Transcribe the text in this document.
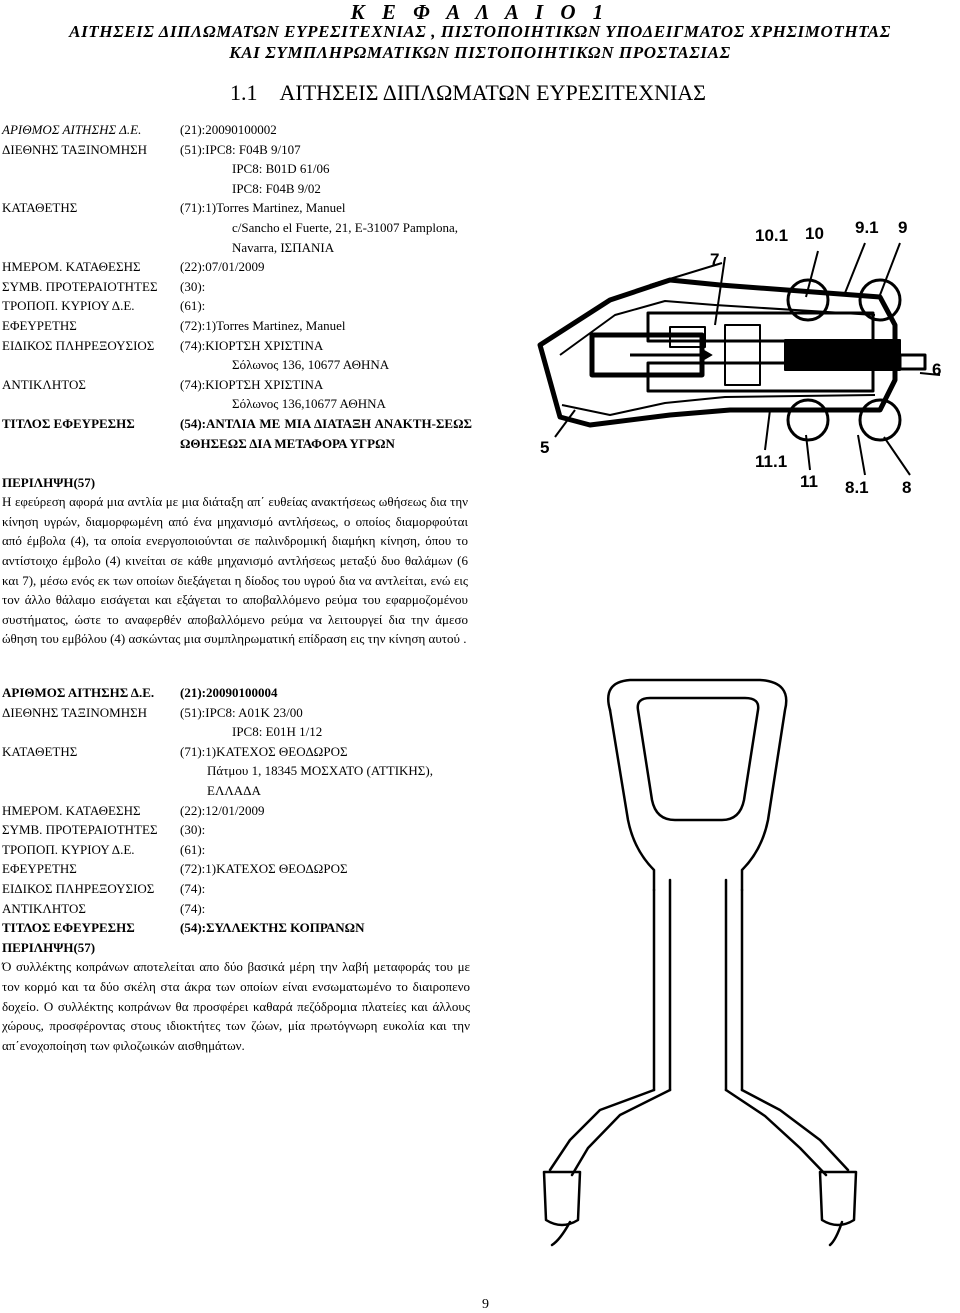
Κ Ε Φ Α Λ Α Ι Ο 1
ΑΙΤΗΣΕΙΣ ΔΙΠΛΩΜΑΤΩΝ ΕΥΡΕΣΙΤΕΧΝΙΑΣ , ΠΙΣΤΟΠΟΙΗΤΙΚΩΝ ΥΠΟΔΕΙΓΜΑΤΟΣ ΧΡΗΣΙΜΟΤΗΤΑΣ
ΚΑΙ ΣΥΜΠΛΗΡΩΜΑΤΙΚΩΝ ΠΙΣΤΟΠΟΙΗΤΙΚΩΝ ΠΡΟΣΤΑΣΙΑΣ
1.1 ΑΙΤΗΣΕΙΣ ΔΙΠΛΩΜΑΤΩΝ ΕΥΡΕΣΙΤΕΧΝΙΑΣ
ΑΡΙΘΜΟΣ ΑΙΤΗΣΗΣ Δ.Ε.	(21):20090100002
ΔΙΕΘΝΗΣ ΤΑΞΙΝΟΜΗΣΗ	(51):IPC8: F04B 9/107
IPC8: B01D 61/06
IPC8: F04B 9/02
ΚΑΤΑΘΕΤΗΣ	(71):1)Torres Martinez, Manuel
c/Sancho el Fuerte, 21, E-31007 Pamplona,
Navarra, ΙΣΠΑΝΙΑ
ΗΜΕΡΟΜ. ΚΑΤΑΘΕΣΗΣ	(22):07/01/2009
ΣΥΜΒ. ΠΡΟΤΕΡΑΙΟΤΗΤΕΣ (30):
ΤΡΟΠΟΠ. ΚΥΡΙΟΥ Δ.Ε.	(61):
ΕΦΕΥΡΕΤΗΣ	(72):1)Torres Martinez, Manuel
ΕΙΔΙΚΟΣ ΠΛΗΡΕΞΟΥΣΙΟΣ (74):ΚΙΟΡΤΣΗ ΧΡΙΣΤΙΝΑ
Σόλωνος 136, 10677 ΑΘΗΝΑ
ΑΝΤΙΚΛΗΤΟΣ	(74):ΚΙΟΡΤΣΗ ΧΡΙΣΤΙΝΑ
Σόλωνος 136,10677 ΑΘΗΝΑ
ΤΙΤΛΟΣ ΕΦΕΥΡΕΣΗΣ	(54):ΑΝΤΛΙΑ ΜΕ ΜΙΑ ΔΙΑΤΑΞΗ ΑΝΑΚΤΗ-ΣΕΩΣ ΩΘΗΣΕΩΣ ΔΙΑ ΜΕΤΑΦΟΡΑ ΥΓΡΩΝ
ΠΕΡΙΛΗΨΗ(57)
Η εφεύρεση αφορά μια αντλία με μια διάταξη απ΄ ευθείας ανακτήσεως ωθήσεως δια την κίνηση υγρών, διαμορφωμένη από ένα μηχανισμό αντλήσεως, ο οποίος διαμορφούται από έμβολα (4), τα οποία ενεργοποιούνται σε παλινδρομική διαμήκη κίνηση, όπου το αντίστοιχο έμβολο (4) κινείται σε κάθε μηχανισμό αντλήσεως μεταξύ δυο θαλάμων (6 και 7), μέσω ενός εκ των οποίων διεξάγεται η δίοδος του υγρού δια να αντλείται, ενώ εις τον άλλο θάλαμο εισάγεται και εξάγεται το αποβαλλόμενο ρεύμα του εφαρμοζομένου συστήματος, ώστε το αναφερθέν αποβαλλόμενο ρεύμα να λειτουργεί δια την άμεσο ώθηση του εμβόλου (4) ασκώντας μια συμπληρωματική επίδραση εις την κίνηση αυτού .
10.1 10 9.1 9
7
6
5
11.1
11 8.1 8
ΑΡΙΘΜΟΣ ΑΙΤΗΣΗΣ Δ.Ε. (21):20090100004
ΔΙΕΘΝΗΣ ΤΑΞΙΝΟΜΗΣΗ	(51):IPC8: A01K 23/00
IPC8: E01H 1/12
ΚΑΤΑΘΕΤΗΣ	(71):1)ΚΑΤΕΧΟΣ ΘΕΟΔΩΡΟΣ
Πάτμου 1, 18345 ΜΟΣΧΑΤΟ (ΑΤΤΙΚΗΣ),
ΕΛΛΑΔΑ
ΗΜΕΡΟΜ. ΚΑΤΑΘΕΣΗΣ	(22):12/01/2009
ΣΥΜΒ. ΠΡΟΤΕΡΑΙΟΤΗΤΕΣ (30):
ΤΡΟΠΟΠ. ΚΥΡΙΟΥ Δ.Ε.	(61):
ΕΦΕΥΡΕΤΗΣ	(72):1)ΚΑΤΕΧΟΣ ΘΕΟΔΩΡΟΣ
ΕΙΔΙΚΟΣ ΠΛΗΡΕΞΟΥΣΙΟΣ (74):
ΑΝΤΙΚΛΗΤΟΣ	(74):
ΤΙΤΛΟΣ ΕΦΕΥΡΕΣΗΣ	(54):ΣΥΛΛΕΚΤΗΣ ΚΟΠΡΑΝΩΝ
ΠΕΡΙΛΗΨΗ(57)
Ό συλλέκτης κοπράνων αποτελείται απο δύο βασικά μέρη την λαβή μεταφοράς του με τον κορμό και τα δύο σκέλη στα άκρα των οποίων είναι ενσωματωμένο το διαιροπενο δοχείο. Ο συλλέκτης κοπράνων θα προσφέρει καθαρά πεζόδρομια πλατείες και άλλους χώρους, προσφέροντας στους ιδιοκτήτες των ζώων, μία πρωτόγνωρη ευκολία και την απ΄ενοχοποίηση των φιλοζωικών αισθημάτων.
9
